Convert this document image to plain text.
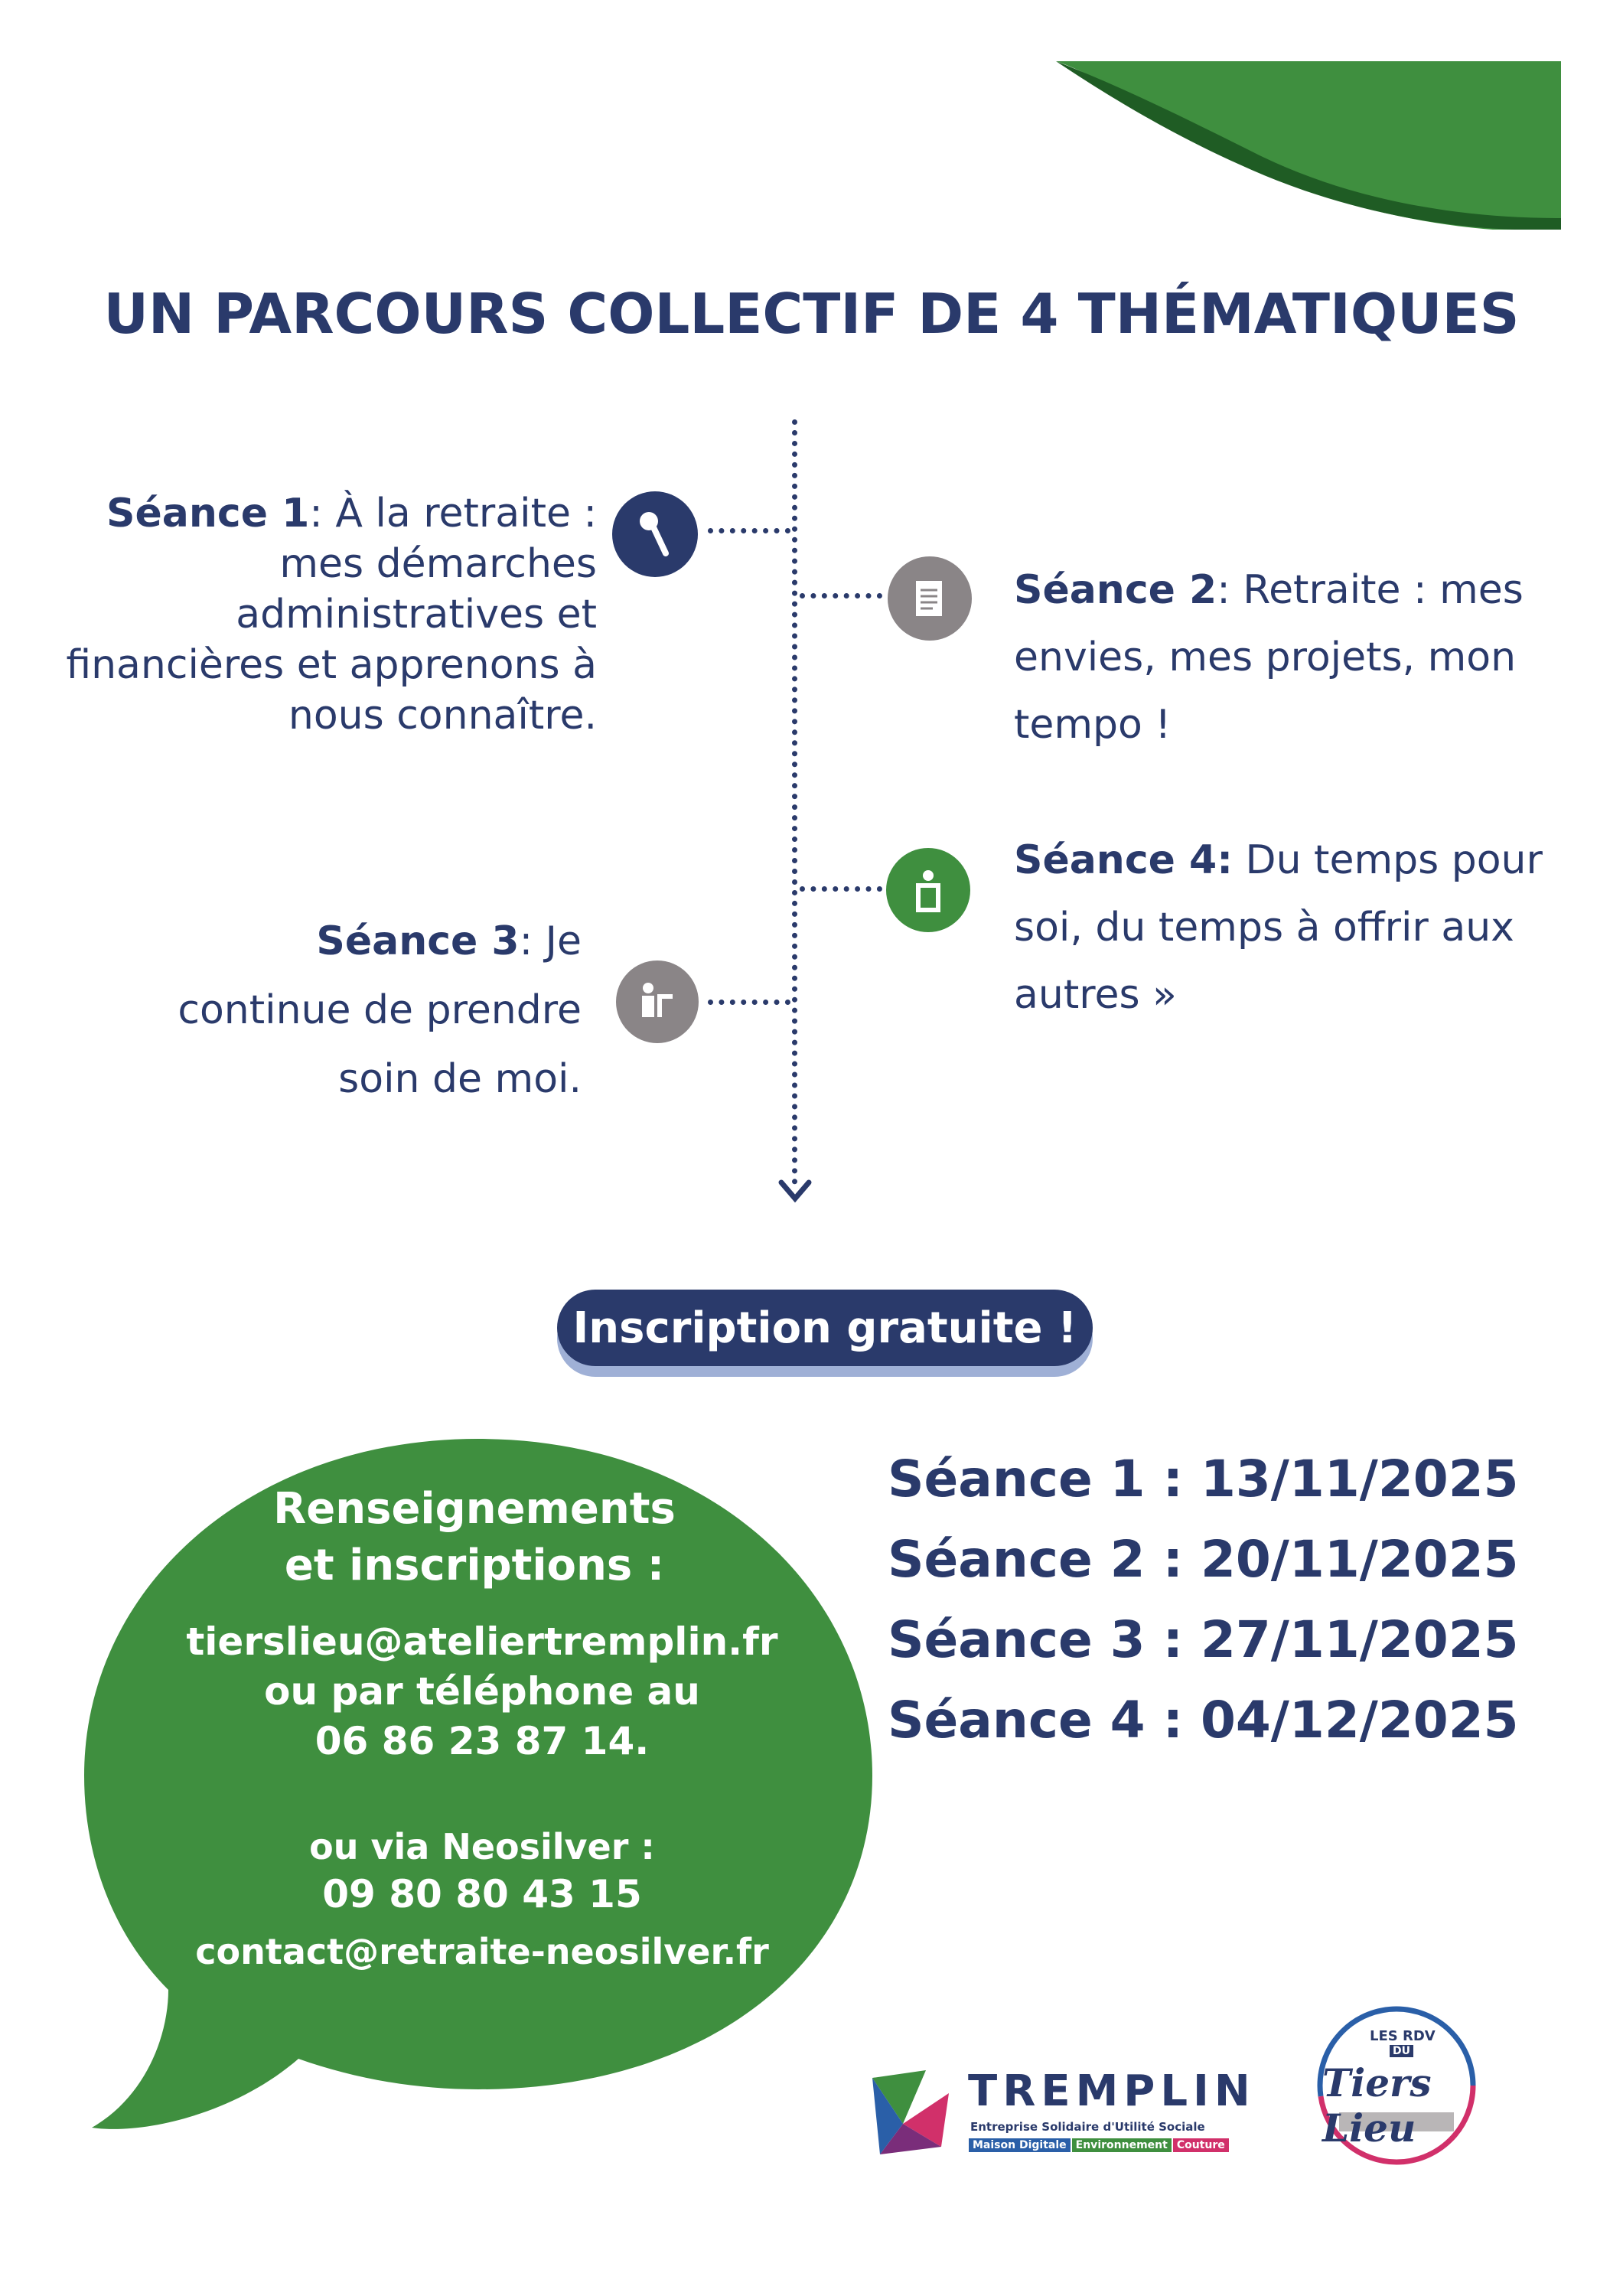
UN PARCOURS COLLECTIF DE 4 THÉMATIQUES
Séance 1: À la retraite : mes démarches administratives et financières et apprenons à nous connaître.
Séance 2: Retraite : mes envies, mes projets, mon tempo !
Séance 4: Du temps pour soi, du temps à offrir aux autres »
Séance 3: Je continue de prendre soin de moi.
Inscription gratuite !
Renseignements et inscriptions :
tierslieu@ateliertremplin.fr
ou par téléphone au
06 86 23 87 14.
ou via Neosilver :
09 80 80 43 15
contact@retraite-neosilver.fr
Séance 1 : 13/11/2025
Séance 2 : 20/11/2025
Séance 3 : 27/11/2025
Séance 4 : 04/12/2025
TREMPLIN
Entreprise Solidaire d'Utilité Sociale
Maison Digitale Environnement Couture
LES RDV
DU
Tiers Lieu
